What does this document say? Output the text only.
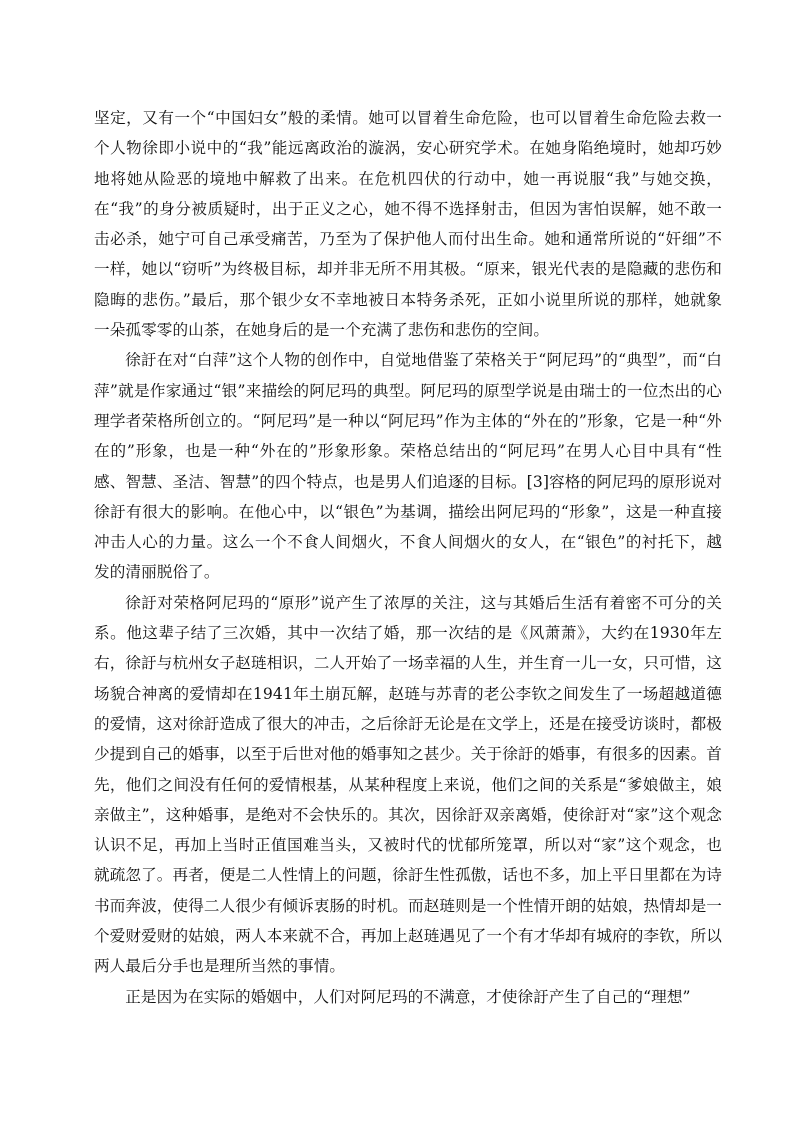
坚定，又有一个“中国妇女”般的柔情。她可以冒着生命危险，也可以冒着生命危险去救一个人物徐即小说中的“我”能远离政治的漩涡，安心研究学术。在她身陷绝境时，她却巧妙地将她从险恶的境地中解救了出来。在危机四伏的行动中，她一再说服“我”与她交换，在“我”的身分被质疑时，出于正义之心，她不得不选择射击，但因为害怕误解，她不敢一击必杀，她宁可自己承受痛苦，乃至为了保护他人而付出生命。她和通常所说的“奸细”不一样，她以“窃听”为终极目标，却并非无所不用其极。“原来，银光代表的是隐藏的悲伤和隐晦的悲伤。”最后，那个银少女不幸地被日本特务杀死，正如小说里所说的那样，她就象一朵孤零零的山茶，在她身后的是一个充满了悲伤和悲伤的空间。

徐訏在对“白萍”这个人物的创作中，自觉地借鉴了荣格关于“阿尼玛”的“典型”，而“白萍”就是作家通过“银”来描绘的阿尼玛的典型。阿尼玛的原型学说是由瑞士的一位杰出的心理学者荣格所创立的。“阿尼玛”是一种以“阿尼玛”作为主体的“外在的”形象，它是一种“外在的”形象，也是一种“外在的”形象形象。荣格总结出的“阿尼玛”在男人心目中具有“性感、智慧、圣洁、智慧”的四个特点，也是男人们追逐的目标。[3]容格的阿尼玛的原形说对徐訏有很大的影响。在他心中，以“银色”为基调，描绘出阿尼玛的“形象”，这是一种直接冲击人心的力量。这么一个不食人间烟火，不食人间烟火的女人，在“银色”的衬托下，越发的清丽脱俗了。

徐訏对荣格阿尼玛的“原形”说产生了浓厚的关注，这与其婚后生活有着密不可分的关系。他这辈子结了三次婚，其中一次结了婚，那一次结的是《风萧萧》，大约在1930年左右，徐訏与杭州女子赵琏相识，二人开始了一场幸福的人生，并生育一儿一女，只可惜，这场貌合神离的爱情却在1941年土崩瓦解，赵琏与苏青的老公李钦之间发生了一场超越道德的爱情，这对徐訏造成了很大的冲击，之后徐訏无论是在文学上，还是在接受访谈时，都极少提到自己的婚事，以至于后世对他的婚事知之甚少。关于徐訏的婚事，有很多的因素。首先，他们之间没有任何的爱情根基，从某种程度上来说，他们之间的关系是“爹娘做主，娘亲做主”，这种婚事，是绝对不会快乐的。其次，因徐訏双亲离婚，使徐訏对“家”这个观念认识不足，再加上当时正值国难当头，又被时代的忧郁所笼罩，所以对“家”这个观念，也就疏忽了。再者，便是二人性情上的问题，徐訏生性孤傲，话也不多，加上平日里都在为诗书而奔波，使得二人很少有倾诉衷肠的时机。而赵琏则是一个性情开朗的姑娘，热情却是一个爱财爱财的姑娘，两人本来就不合，再加上赵琏遇见了一个有才华却有城府的李钦，所以两人最后分手也是理所当然的事情。

正是因为在实际的婚姻中，人们对阿尼玛的不满意，才使徐訏产生了自己的“理想”
